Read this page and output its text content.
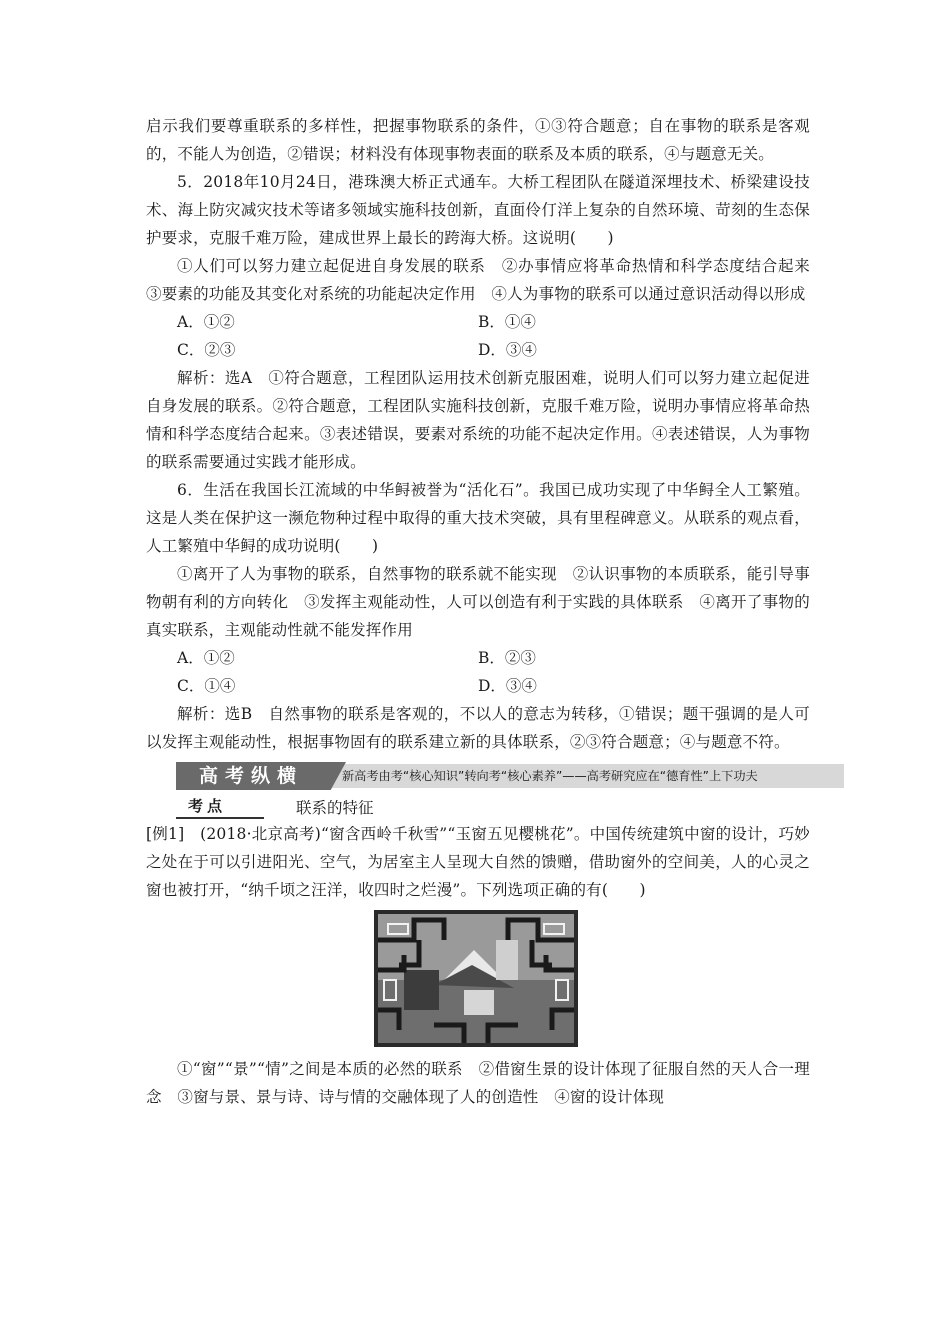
启示我们要尊重联系的多样性，把握事物联系的条件，①③符合题意；自在事物的联系是客观的，不能人为创造，②错误；材料没有体现事物表面的联系及本质的联系，④与题意无关。

5．2018年10月24日，港珠澳大桥正式通车。大桥工程团队在隧道深埋技术、桥梁建设技术、海上防灾减灾技术等诸多领域实施科技创新，直面伶仃洋上复杂的自然环境、苛刻的生态保护要求，克服千难万险，建成世界上最长的跨海大桥。这说明(　　)

①人们可以努力建立起促进自身发展的联系　②办事情应将革命热情和科学态度结合起来　③要素的功能及其变化对系统的功能起决定作用　④人为事物的联系可以通过意识活动得以形成

A．①②	B．①④
C．②③	D．③④

解析：选A　①符合题意，工程团队运用技术创新克服困难，说明人们可以努力建立起促进自身发展的联系。②符合题意，工程团队实施科技创新，克服千难万险，说明办事情应将革命热情和科学态度结合起来。③表述错误，要素对系统的功能不起决定作用。④表述错误，人为事物的联系需要通过实践才能形成。

6．生活在我国长江流域的中华鲟被誉为“活化石”。我国已成功实现了中华鲟全人工繁殖。这是人类在保护这一濒危物种过程中取得的重大技术突破，具有里程碑意义。从联系的观点看，人工繁殖中华鲟的成功说明(　　)

①离开了人为事物的联系，自然事物的联系就不能实现　②认识事物的本质联系，能引导事物朝有利的方向转化　③发挥主观能动性，人可以创造有利于实践的具体联系　④离开了事物的真实联系，主观能动性就不能发挥作用

A．①②	B．②③
C．①④	D．③④

解析：选B　自然事物的联系是客观的，不以人的意志为转移，①错误；题干强调的是人可以发挥主观能动性，根据事物固有的联系建立新的具体联系，②③符合题意；④与题意不符。

高考纵横	新高考由考“核心知识”转向考“核心素养”——高考研究应在“德育性”上下功夫
考点	联系的特征

[例1]　(2018·北京高考)“窗含西岭千秋雪”“玉窗五见樱桃花”。中国传统建筑中窗的设计，巧妙之处在于可以引进阳光、空气，为居室主人呈现大自然的馈赠，借助窗外的空间美，人的心灵之窗也被打开，“纳千顷之汪洋，收四时之烂漫”。下列选项正确的有(　　)

①“窗”“景”“情”之间是本质的必然的联系　②借窗生景的设计体现了征服自然的天人合一理念　③窗与景、景与诗、诗与情的交融体现了人的创造性　④窗的设计体现
